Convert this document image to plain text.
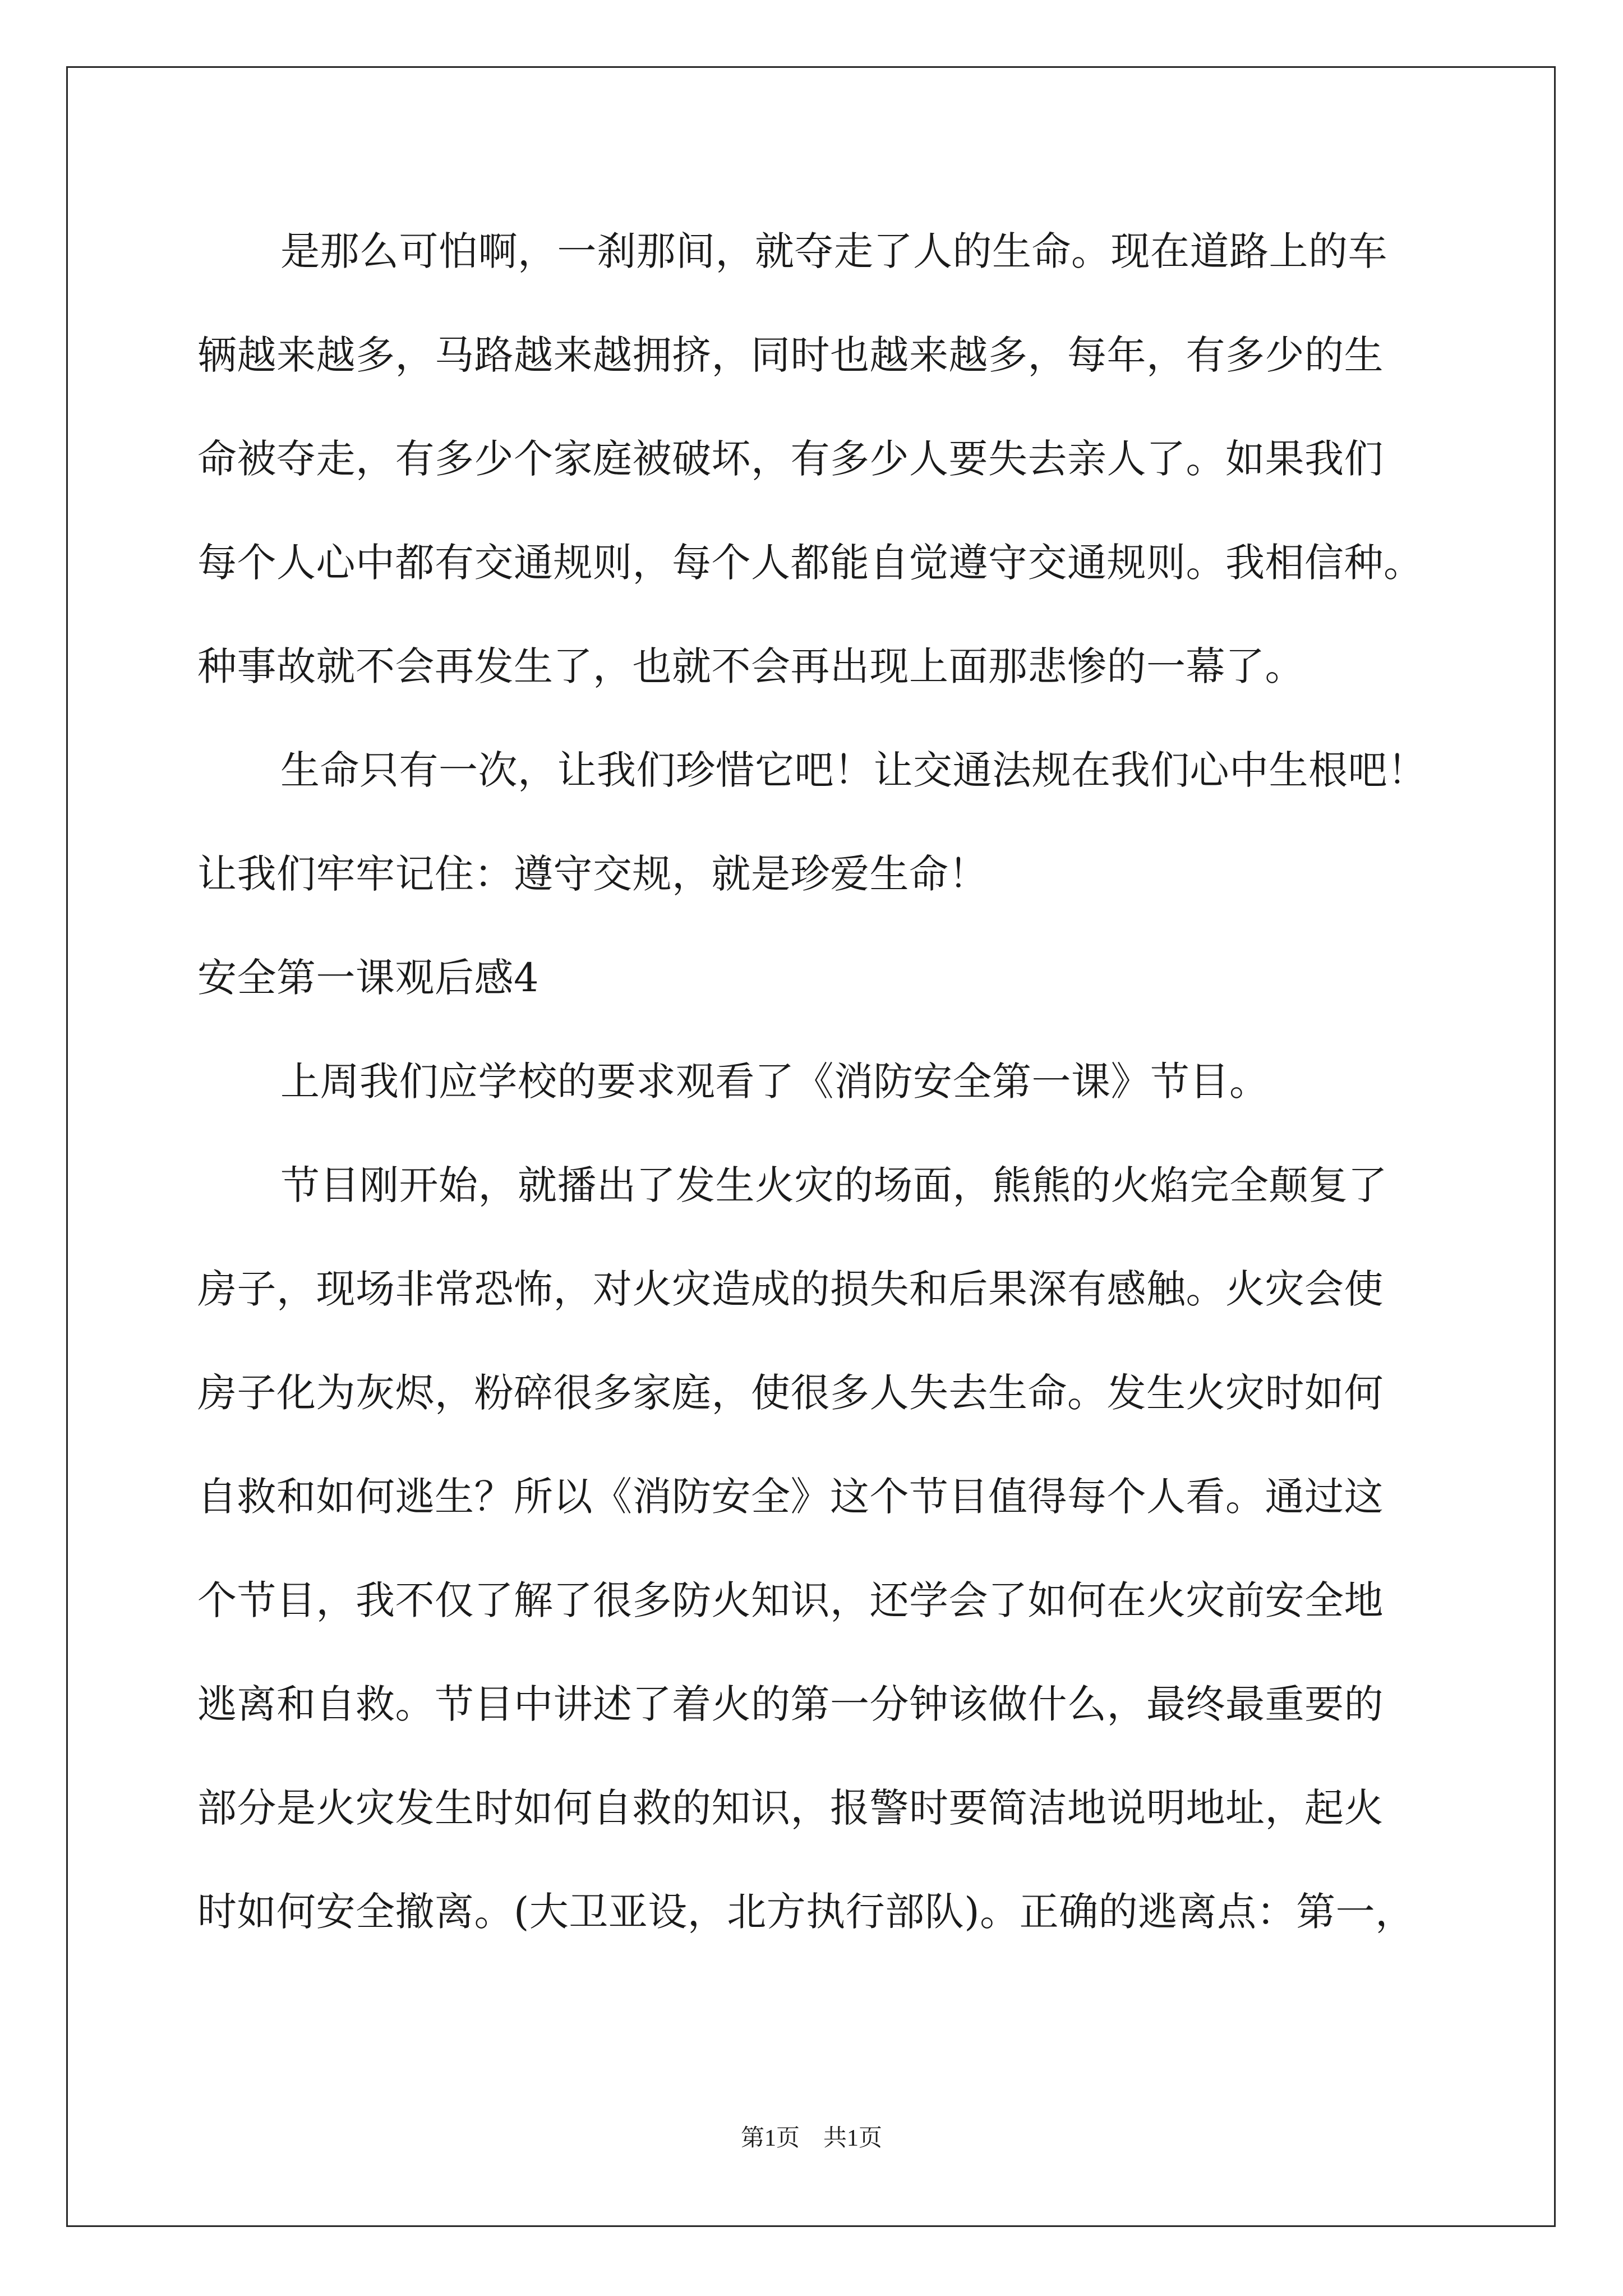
是那么可怕啊，一刹那间，就夺走了人的生命。现在道路上的车
辆越来越多，马路越来越拥挤，同时也越来越多，每年，有多少的生
命被夺走，有多少个家庭被破坏，有多少人要失去亲人了。如果我们
每个人心中都有交通规则，每个人都能自觉遵守交通规则。我相信种。
种事故就不会再发生了，也就不会再出现上面那悲惨的一幕了。
生命只有一次，让我们珍惜它吧！让交通法规在我们心中生根吧！
让我们牢牢记住：遵守交规，就是珍爱生命！
安全第一课观后感4
上周我们应学校的要求观看了《消防安全第一课》节目。
节目刚开始，就播出了发生火灾的场面，熊熊的火焰完全颠复了
房子，现场非常恐怖，对火灾造成的损失和后果深有感触。火灾会使
房子化为灰烬，粉碎很多家庭，使很多人失去生命。发生火灾时如何
自救和如何逃生？所以《消防安全》这个节目值得每个人看。通过这
个节目，我不仅了解了很多防火知识，还学会了如何在火灾前安全地
逃离和自救。节目中讲述了着火的第一分钟该做什么，最终最重要的
部分是火灾发生时如何自救的知识，报警时要简洁地说明地址，起火
时如何安全撤离。(大卫亚设，北方执行部队)。正确的逃离点：第一，
第1页　共1页
